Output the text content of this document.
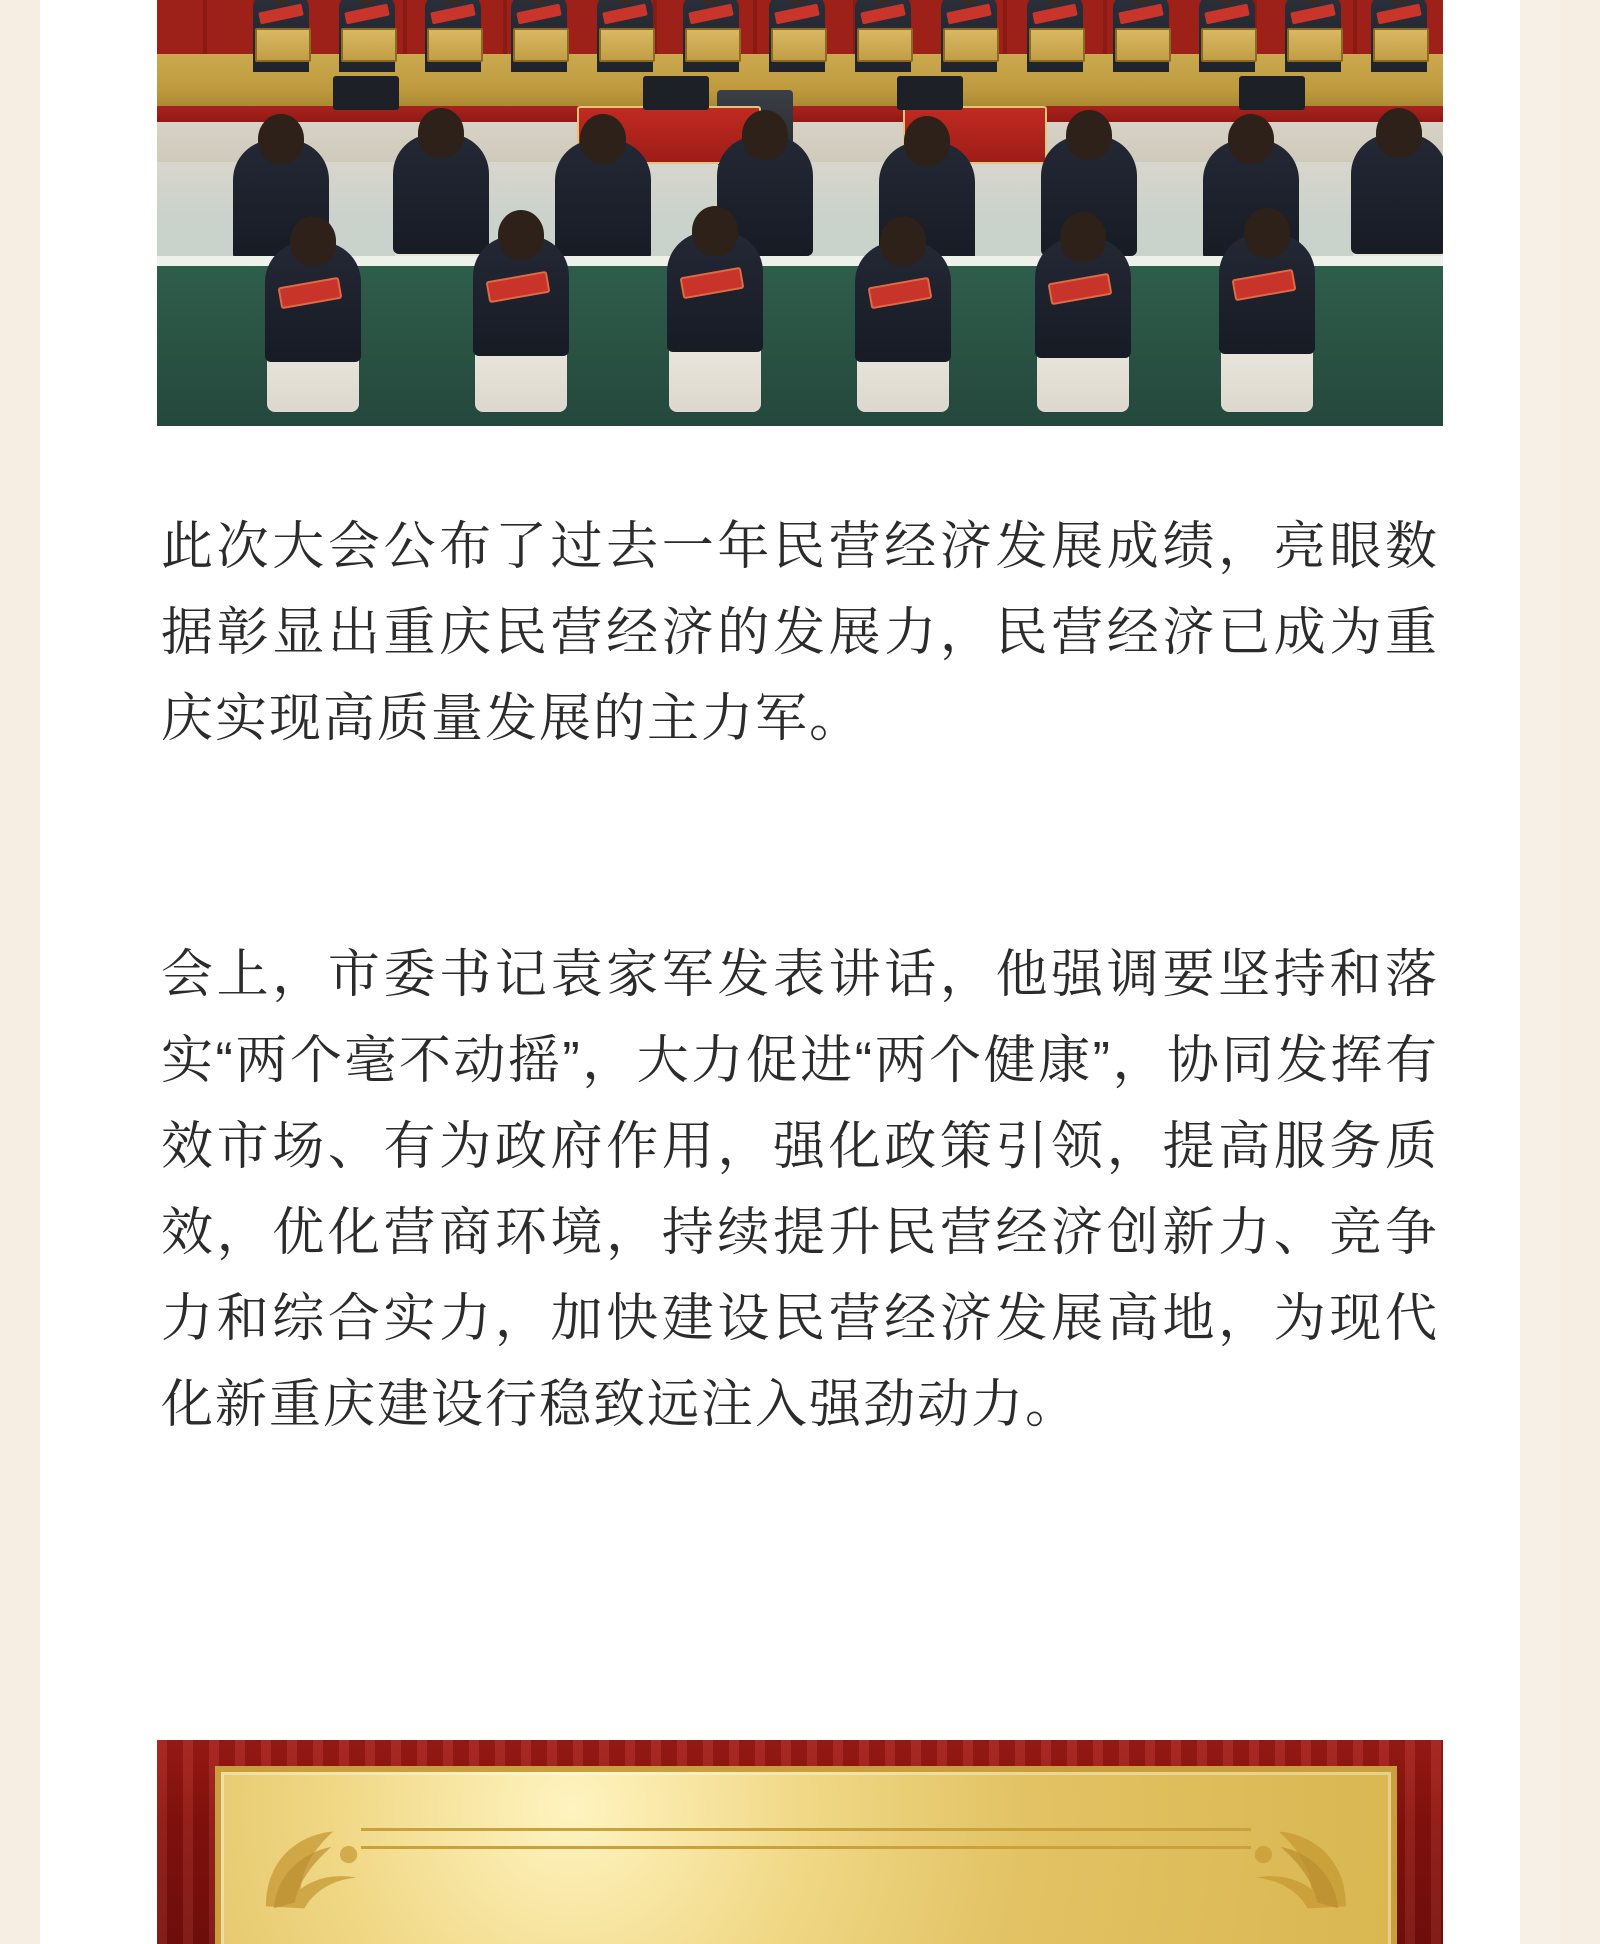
此次大会公布了过去一年民营经济发展成绩，亮眼数据彰显出重庆民营经济的发展力，民营经济已成为重庆实现高质量发展的主力军。

会上，市委书记袁家军发表讲话，他强调要坚持和落实“两个毫不动摇”，大力促进“两个健康”，协同发挥有效市场、有为政府作用，强化政策引领，提高服务质效，优化营商环境，持续提升民营经济创新力、竞争力和综合实力，加快建设民营经济发展高地，为现代化新重庆建设行稳致远注入强劲动力。
